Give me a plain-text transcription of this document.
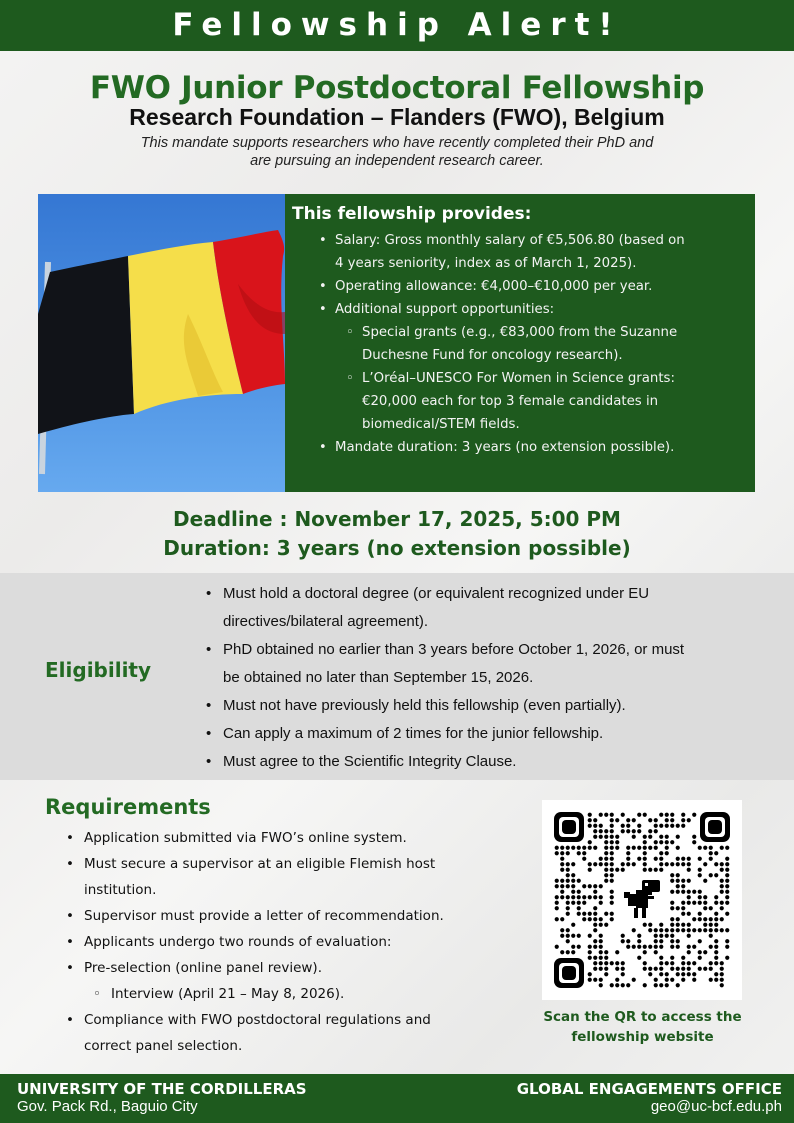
Fellowship Alert!
FWO Junior Postdoctoral Fellowship
Research Foundation – Flanders (FWO), Belgium
This mandate supports researchers who have recently completed their PhD and
are pursuing an independent research career.
This fellowship provides:
• Salary: Gross monthly salary of €5,506.80 (based on
4 years seniority, index as of March 1, 2025).
• Operating allowance: €4,000–€10,000 per year.
• Additional support opportunities:
◦ Special grants (e.g., €83,000 from the Suzanne
Duchesne Fund for oncology research).
◦ L’Oréal–UNESCO For Women in Science grants:
€20,000 each for top 3 female candidates in
biomedical/STEM fields.
• Mandate duration: 3 years (no extension possible).
Deadline : November 17, 2025, 5:00 PM
Duration: 3 years (no extension possible)
Eligibility
• Must hold a doctoral degree (or equivalent recognized under EU
directives/bilateral agreement).
• PhD obtained no earlier than 3 years before October 1, 2026, or must
be obtained no later than September 15, 2026.
• Must not have previously held this fellowship (even partially).
• Can apply a maximum of 2 times for the junior fellowship.
• Must agree to the Scientific Integrity Clause.
Requirements
• Application submitted via FWO’s online system.
• Must secure a supervisor at an eligible Flemish host
institution.
• Supervisor must provide a letter of recommendation.
• Applicants undergo two rounds of evaluation:
• Pre-selection (online panel review).
◦ Interview (April 21 – May 8, 2026).
• Compliance with FWO postdoctoral regulations and
correct panel selection.
Scan the QR to access the
fellowship website
UNIVERSITY OF THE CORDILLERAS
Gov. Pack Rd., Baguio City
GLOBAL ENGAGEMENTS OFFICE
geo@uc-bcf.edu.ph
